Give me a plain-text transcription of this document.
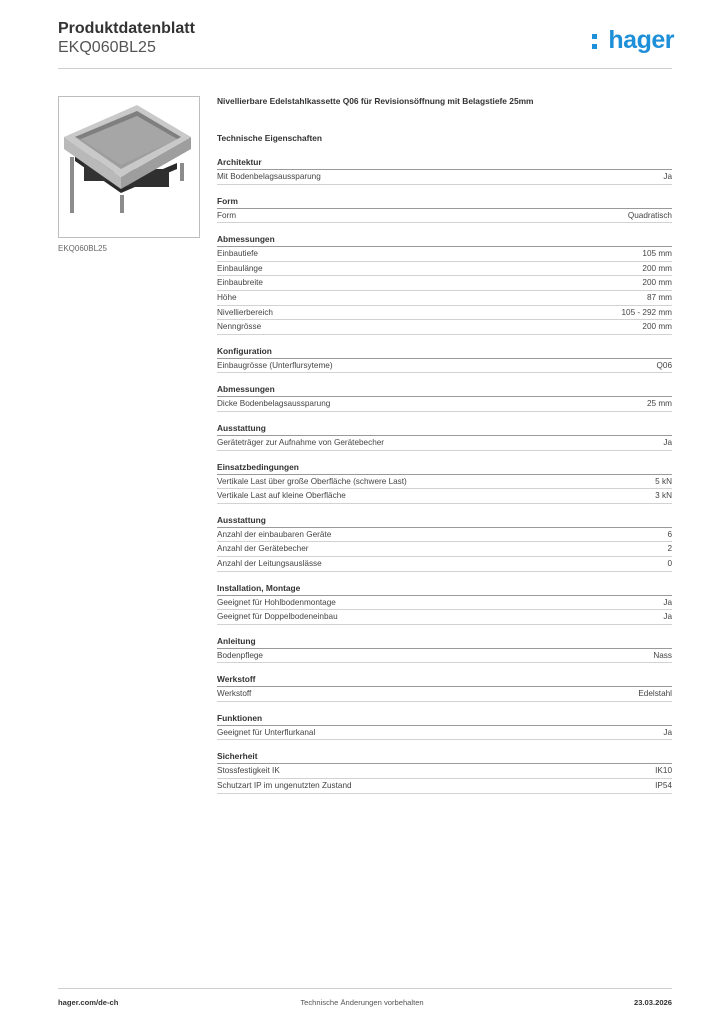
Produktdatenblatt
EKQ060BL25	hager
EKQ060BL25

Nivellierbare Edelstahlkassette Q06 für Revisionsöffnung mit Belagstiefe 25mm

Technische Eigenschaften

Architektur
Mit Bodenbelagsaussparung	Ja
Form
Form	Quadratisch
Abmessungen
Einbautiefe	105 mm
Einbaulänge	200 mm
Einbaubreite	200 mm
Höhe	87 mm
Nivellierbereich	105 - 292 mm
Nenngrösse	200 mm
Konfiguration
Einbaugrösse (Unterflursyteme)	Q06
Abmessungen
Dicke Bodenbelagsaussparung	25 mm
Ausstattung
Geräteträger zur Aufnahme von Gerätebecher	Ja
Einsatzbedingungen
Vertikale Last über große Oberfläche (schwere Last)	5 kN
Vertikale Last auf kleine Oberfläche	3 kN
Ausstattung
Anzahl der einbaubaren Geräte	6
Anzahl der Gerätebecher	2
Anzahl der Leitungsauslässe	0
Installation, Montage
Geeignet für Hohlbodenmontage	Ja
Geeignet für Doppelbodeneinbau	Ja
Anleitung
Bodenpflege	Nass
Werkstoff
Werkstoff	Edelstahl
Funktionen
Geeignet für Unterflurkanal	Ja
Sicherheit
Stossfestigkeit IK	IK10
Schutzart IP im ungenutzten Zustand	IP54
hager.com/de-ch	Technische Änderungen vorbehalten	23.03.2026
